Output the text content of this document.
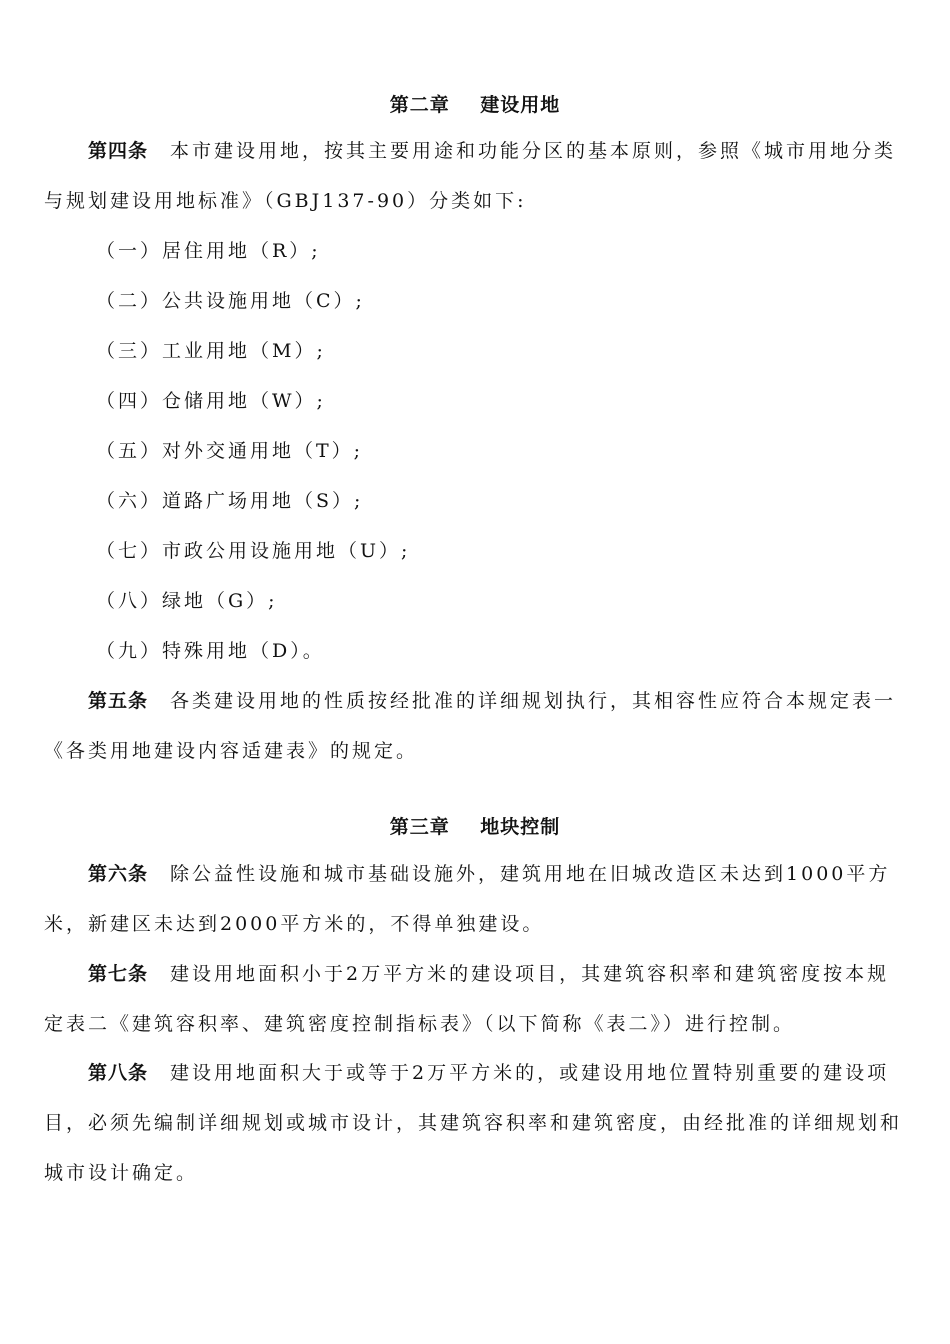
第二章    建设用地
第四条 本市建设用地，按其主要用途和功能分区的基本原则，参照《城市用地分类
与规划建设用地标准》（GBJ137-90）分类如下:
（一）居住用地（R）;
（二）公共设施用地（C）;
（三）工业用地（M）;
（四）仓储用地（W）;
（五）对外交通用地（T）;
（六）道路广场用地（S）;
（七）市政公用设施用地（U）;
（八）绿地（G）;
（九）特殊用地（D）。
第五条 各类建设用地的性质按经批准的详细规划执行，其相容性应符合本规定表一
《各类用地建设内容适建表》的规定。
第三章    地块控制
第六条 除公益性设施和城市基础设施外，建筑用地在旧城改造区未达到1000平方
米，新建区未达到2000平方米的，不得单独建设。
第七条 建设用地面积小于2万平方米的建设项目，其建筑容积率和建筑密度按本规
定表二《建筑容积率、建筑密度控制指标表》（以下简称《表二》）进行控制。
第八条 建设用地面积大于或等于2万平方米的，或建设用地位置特别重要的建设项
目，必须先编制详细规划或城市设计，其建筑容积率和建筑密度，由经批准的详细规划和
城市设计确定。
